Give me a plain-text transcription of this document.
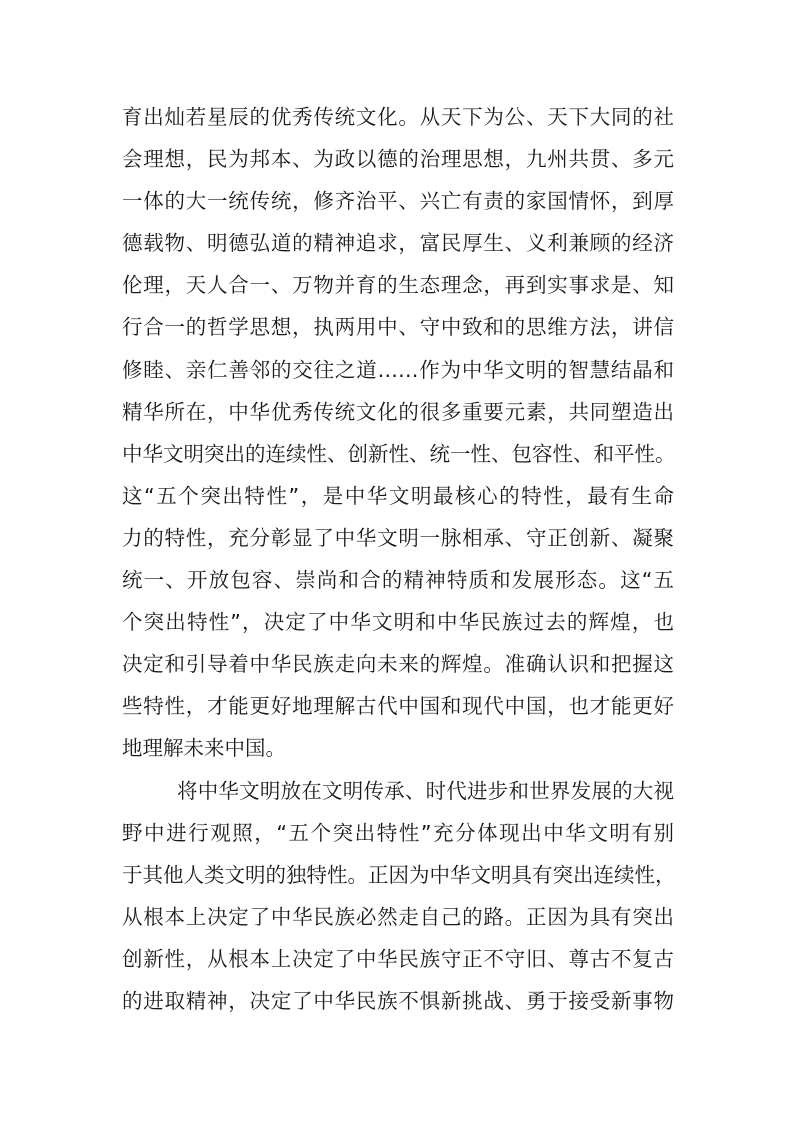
育出灿若星辰的优秀传统文化。从天下为公、天下大同的社
会理想，民为邦本、为政以德的治理思想，九州共贯、多元
一体的大一统传统，修齐治平、兴亡有责的家国情怀，到厚
德载物、明德弘道的精神追求，富民厚生、义利兼顾的经济
伦理，天人合一、万物并育的生态理念，再到实事求是、知
行合一的哲学思想，执两用中、守中致和的思维方法，讲信
修睦、亲仁善邻的交往之道……作为中华文明的智慧结晶和
精华所在，中华优秀传统文化的很多重要元素，共同塑造出
中华文明突出的连续性、创新性、统一性、包容性、和平性。
这“五个突出特性”，是中华文明最核心的特性，最有生命
力的特性，充分彰显了中华文明一脉相承、守正创新、凝聚
统一、开放包容、崇尚和合的精神特质和发展形态。这“五
个突出特性”，决定了中华文明和中华民族过去的辉煌，也
决定和引导着中华民族走向未来的辉煌。准确认识和把握这
些特性，才能更好地理解古代中国和现代中国，也才能更好
地理解未来中国。
将中华文明放在文明传承、时代进步和世界发展的大视
野中进行观照，“五个突出特性”充分体现出中华文明有别
于其他人类文明的独特性。正因为中华文明具有突出连续性，
从根本上决定了中华民族必然走自己的路。正因为具有突出
创新性，从根本上决定了中华民族守正不守旧、尊古不复古
的进取精神，决定了中华民族不惧新挑战、勇于接受新事物
